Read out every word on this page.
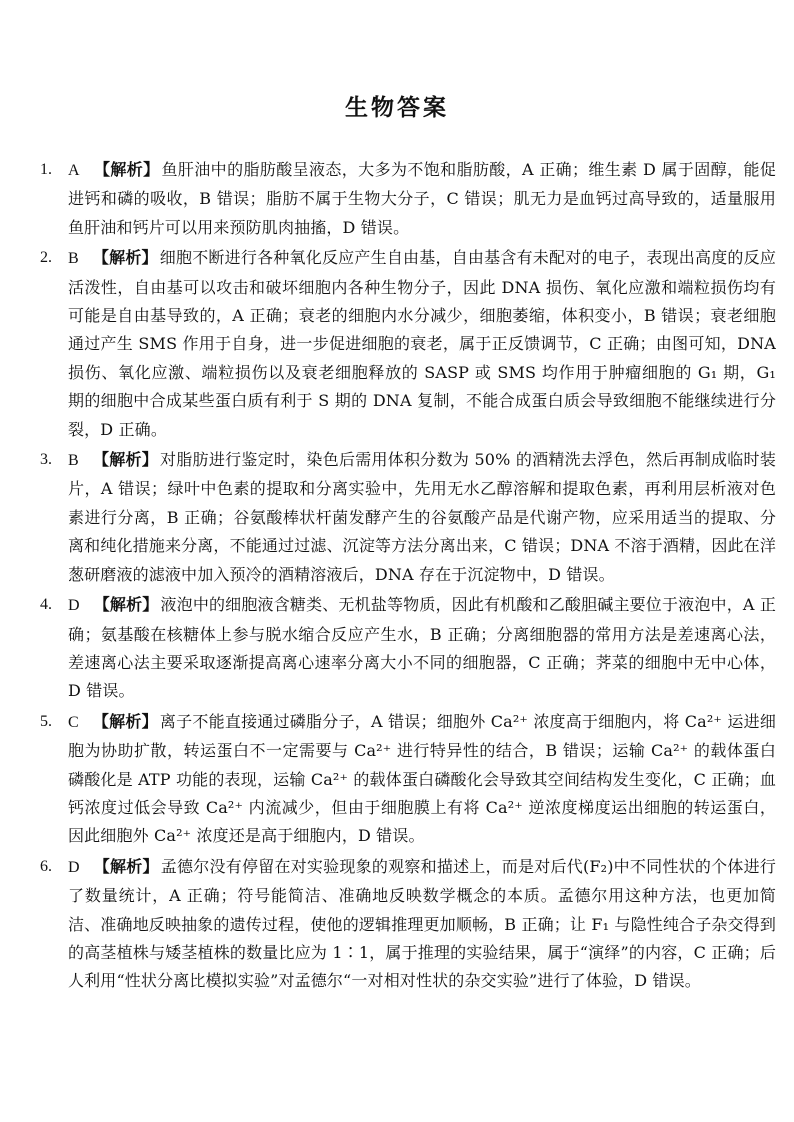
生物答案
1.	A 【解析】 鱼肝油中的脂肪酸呈液态，大多为不饱和脂肪酸，A 正确；维生素 D 属于固醇，能促进钙和磷的吸收，B 错误；脂肪不属于生物大分子，C 错误；肌无力是血钙过高导致的，适量服用鱼肝油和钙片可以用来预防肌肉抽搐，D 错误。
2.	B 【解析】 细胞不断进行各种氧化反应产生自由基，自由基含有未配对的电子，表现出高度的反应活泼性，自由基可以攻击和破坏细胞内各种生物分子，因此 DNA 损伤、氧化应激和端粒损伤均有可能是自由基导致的，A 正确；衰老的细胞内水分减少，细胞萎缩，体积变小，B 错误；衰老细胞通过产生 SMS 作用于自身，进一步促进细胞的衰老，属于正反馈调节，C 正确；由图可知，DNA 损伤、氧化应激、端粒损伤以及衰老细胞释放的 SASP 或 SMS 均作用于肿瘤细胞的 G₁ 期，G₁ 期的细胞中合成某些蛋白质有利于 S 期的 DNA 复制，不能合成蛋白质会导致细胞不能继续进行分裂，D 正确。
3.	B 【解析】 对脂肪进行鉴定时，染色后需用体积分数为 50% 的酒精洗去浮色，然后再制成临时装片，A 错误；绿叶中色素的提取和分离实验中，先用无水乙醇溶解和提取色素，再利用层析液对色素进行分离，B 正确；谷氨酸棒状杆菌发酵产生的谷氨酸产品是代谢产物，应采用适当的提取、分离和纯化措施来分离，不能通过过滤、沉淀等方法分离出来，C 错误；DNA 不溶于酒精，因此在洋葱研磨液的滤液中加入预冷的酒精溶液后，DNA 存在于沉淀物中，D 错误。
4.	D 【解析】 液泡中的细胞液含糖类、无机盐等物质，因此有机酸和乙酸胆碱主要位于液泡中，A 正确；氨基酸在核糖体上参与脱水缩合反应产生水，B 正确；分离细胞器的常用方法是差速离心法，差速离心法主要采取逐渐提高离心速率分离大小不同的细胞器，C 正确；荠菜的细胞中无中心体，D 错误。
5.	C 【解析】 离子不能直接通过磷脂分子，A 错误；细胞外 Ca²⁺ 浓度高于细胞内，将 Ca²⁺ 运进细胞为协助扩散，转运蛋白不一定需要与 Ca²⁺ 进行特异性的结合，B 错误；运输 Ca²⁺ 的载体蛋白磷酸化是 ATP 功能的表现，运输 Ca²⁺ 的载体蛋白磷酸化会导致其空间结构发生变化，C 正确；血钙浓度过低会导致 Ca²⁺ 内流减少，但由于细胞膜上有将 Ca²⁺ 逆浓度梯度运出细胞的转运蛋白，因此细胞外 Ca²⁺ 浓度还是高于细胞内，D 错误。
6.	D 【解析】 孟德尔没有停留在对实验现象的观察和描述上，而是对后代(F₂)中不同性状的个体进行了数量统计，A 正确；符号能简洁、准确地反映数学概念的本质。孟德尔用这种方法，也更加简洁、准确地反映抽象的遗传过程，使他的逻辑推理更加顺畅，B 正确；让 F₁ 与隐性纯合子杂交得到的高茎植株与矮茎植株的数量比应为 1∶1，属于推理的实验结果，属于“演绎”的内容，C 正确；后人利用“性状分离比模拟实验”对孟德尔“一对相对性状的杂交实验”进行了体验，D 错误。
